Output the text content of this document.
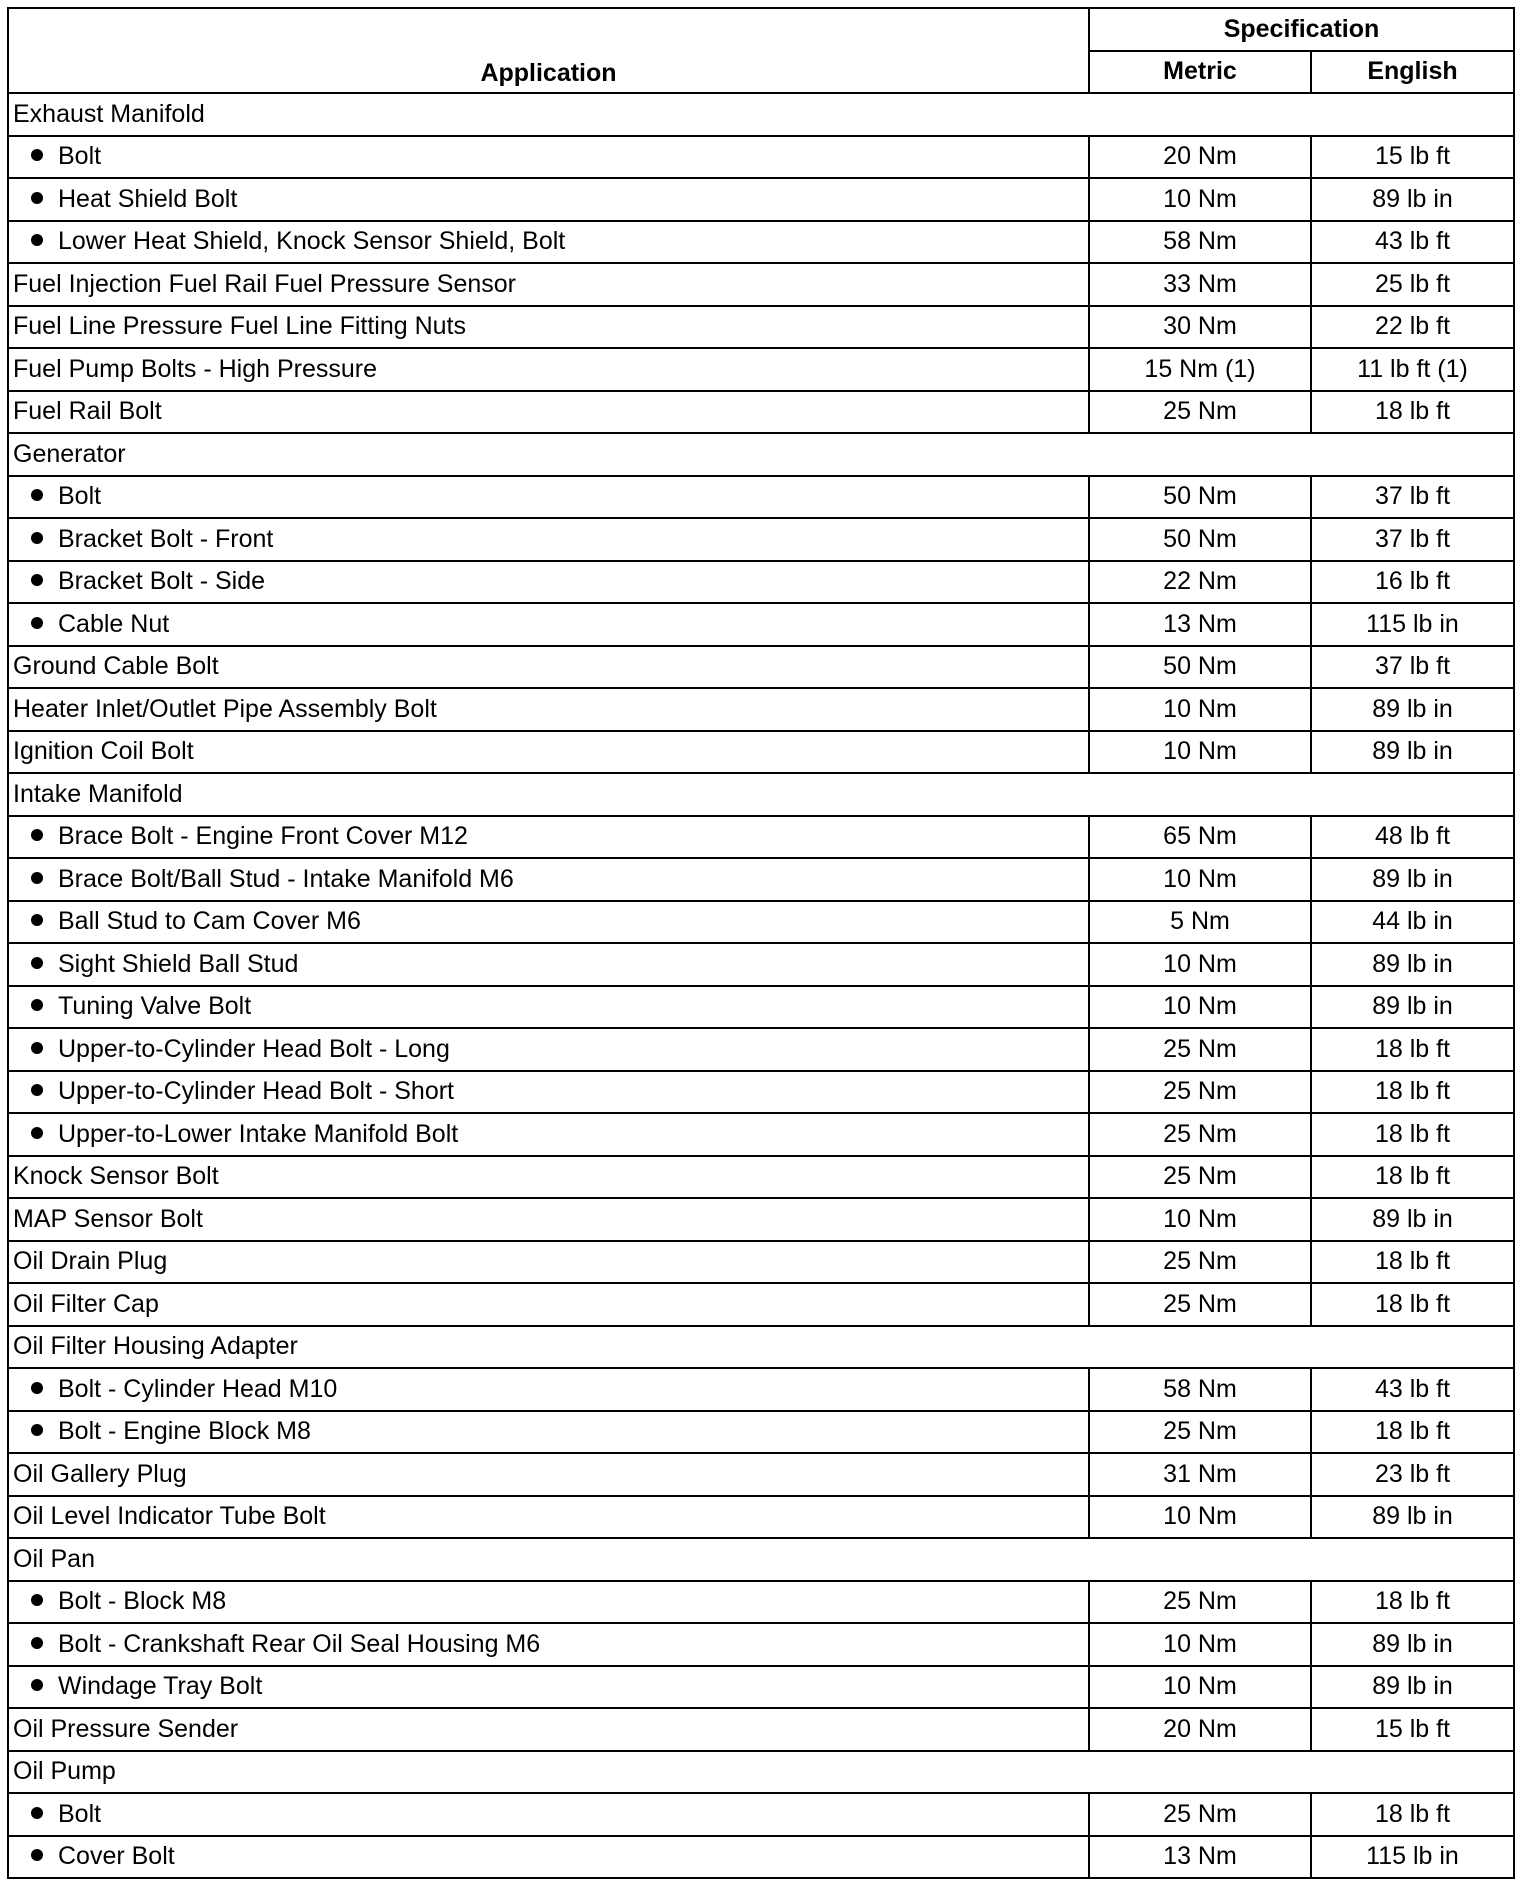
Application	Specification	
	Metric	English
Exhaust Manifold		
Bolt	20 Nm	15 lb ft
Heat Shield Bolt	10 Nm	89 lb in
Lower Heat Shield, Knock Sensor Shield, Bolt	58 Nm	43 lb ft
Fuel Injection Fuel Rail Fuel Pressure Sensor	33 Nm	25 lb ft
Fuel Line Pressure Fuel Line Fitting Nuts	30 Nm	22 lb ft
Fuel Pump Bolts - High Pressure	15 Nm (1)	11 lb ft (1)
Fuel Rail Bolt	25 Nm	18 lb ft
Generator		
Bolt	50 Nm	37 lb ft
Bracket Bolt - Front	50 Nm	37 lb ft
Bracket Bolt - Side	22 Nm	16 lb ft
Cable Nut	13 Nm	115 lb in
Ground Cable Bolt	50 Nm	37 lb ft
Heater Inlet/Outlet Pipe Assembly Bolt	10 Nm	89 lb in
Ignition Coil Bolt	10 Nm	89 lb in
Intake Manifold		
Brace Bolt - Engine Front Cover M12	65 Nm	48 lb ft
Brace Bolt/Ball Stud - Intake Manifold M6	10 Nm	89 lb in
Ball Stud to Cam Cover M6	5 Nm	44 lb in
Sight Shield Ball Stud	10 Nm	89 lb in
Tuning Valve Bolt	10 Nm	89 lb in
Upper-to-Cylinder Head Bolt - Long	25 Nm	18 lb ft
Upper-to-Cylinder Head Bolt - Short	25 Nm	18 lb ft
Upper-to-Lower Intake Manifold Bolt	25 Nm	18 lb ft
Knock Sensor Bolt	25 Nm	18 lb ft
MAP Sensor Bolt	10 Nm	89 lb in
Oil Drain Plug	25 Nm	18 lb ft
Oil Filter Cap	25 Nm	18 lb ft
Oil Filter Housing Adapter		
Bolt - Cylinder Head M10	58 Nm	43 lb ft
Bolt - Engine Block M8	25 Nm	18 lb ft
Oil Gallery Plug	31 Nm	23 lb ft
Oil Level Indicator Tube Bolt	10 Nm	89 lb in
Oil Pan		
Bolt - Block M8	25 Nm	18 lb ft
Bolt - Crankshaft Rear Oil Seal Housing M6	10 Nm	89 lb in
Windage Tray Bolt	10 Nm	89 lb in
Oil Pressure Sender	20 Nm	15 lb ft
Oil Pump		
Bolt	25 Nm	18 lb ft
Cover Bolt	13 Nm	115 lb in
